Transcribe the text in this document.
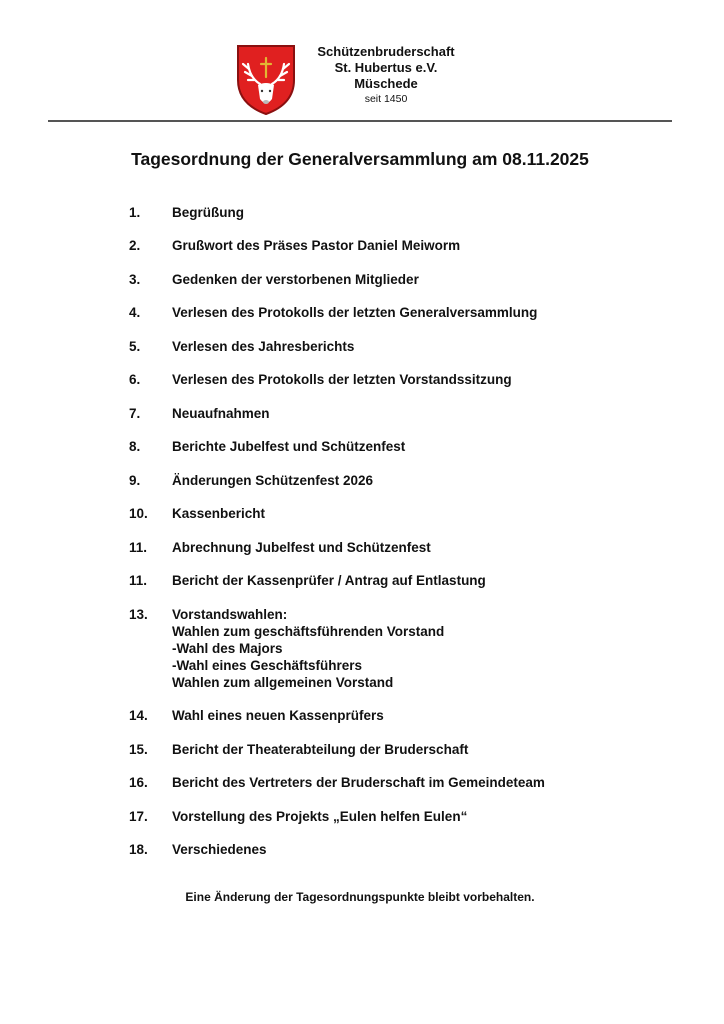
Schützenbruderschaft
St. Hubertus e.V.
Müschede
seit 1450
Tagesordnung der Generalversammlung am 08.11.2025
1.	Begrüßung
2.	Grußwort des Präses Pastor Daniel Meiworm
3.	Gedenken der verstorbenen Mitglieder
4.	Verlesen des Protokolls der letzten Generalversammlung
5.	Verlesen des Jahresberichts
6.	Verlesen des Protokolls der letzten Vorstandssitzung
7.	Neuaufnahmen
8.	Berichte Jubelfest und Schützenfest
9.	Änderungen Schützenfest 2026
10.	Kassenbericht
11.	Abrechnung Jubelfest und Schützenfest
11.	Bericht der Kassenprüfer / Antrag auf Entlastung
13.	Vorstandswahlen:
Wahlen zum geschäftsführenden Vorstand
-Wahl des Majors
-Wahl eines Geschäftsführers
Wahlen zum allgemeinen Vorstand
14.	Wahl eines neuen Kassenprüfers
15.	Bericht der Theaterabteilung der Bruderschaft
16.	Bericht des Vertreters der Bruderschaft im Gemeindeteam
17.	Vorstellung des Projekts „Eulen helfen Eulen“
18.	Verschiedenes
Eine Änderung der Tagesordnungspunkte bleibt vorbehalten.
